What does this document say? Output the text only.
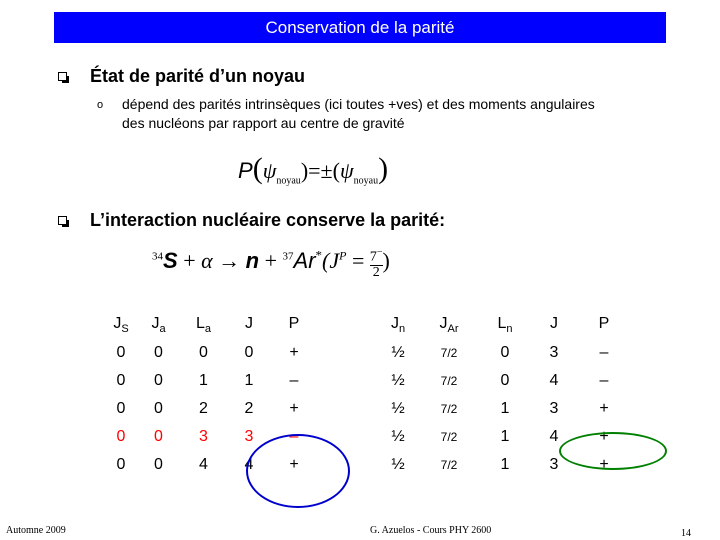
Conservation de la parité
État de parité d’un noyau
o dépend des parités intrinsèques (ici toutes +ves) et des moments angulaires
des nucléons par rapport au centre de gravité
$P(\psi_{noyau})=\pm(\psi_{noyau})$
L’interaction nucléaire conserve la parité:
$^{34}S + \alpha \to n + ^{37}Ar^*(J^P = \frac{7^-}{2}$ )
$J_S$	$J_a$	$L_a$	J	P
0	0	0	0	+
0	0	1	1	–
0	0	2	2	+
0	0	3	3	–
0	0	4	4	+
$J_n$	$J_{Ar}$	$L_n$	J	P
½	7/2	0	3	–
½	7/2	0	4	–
½	7/2	1	3	+
½	7/2	1	4	+
½	7/2	1	3	+
Automne 2009	G. Azuelos - Cours PHY 2600	14
